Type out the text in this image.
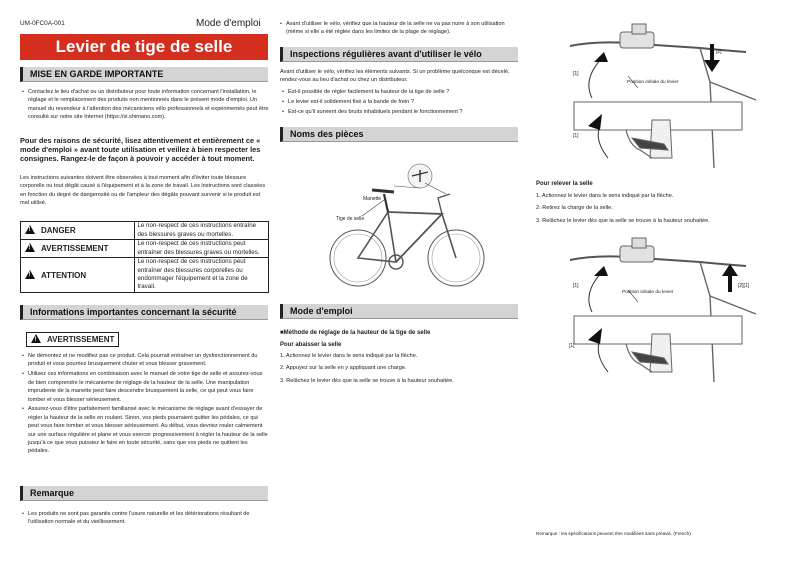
UM-0FC0A-001	Mode d'emploi
Levier de tige de selle
MISE EN GARDE IMPORTANTE
• Contactez le lieu d'achat ou un distributeur pour toute information concernant l'installation, le réglage et le remplacement des produits non mentionnés dans le présent mode d'emploi. Un manuel du revendeur à l'attention des mécaniciens vélo professionnels et expérimentés peut être consulté sur notre site Internet (https://si.shimano.com).
Pour des raisons de sécurité, lisez attentivement et entièrement ce « mode d'emploi » avant toute utilisation et veillez à bien respecter les consignes. Rangez-le de façon à pouvoir y accéder à tout moment.
Les instructions suivantes doivent être observées à tout moment afin d'éviter toute blessure corporelle ou tout dégât causé à l'équipement et à la zone de travail. Les instructions sont classées en fonction du degré de dangerosité ou de l'ampleur des dégâts pouvant survenir si le produit est mal utilisé.
!DANGER	Le non-respect de ces instructions entraîne des blessures graves ou mortelles.
!AVERTISSEMENT	Le non-respect de ces instructions peut entraîner des blessures graves ou mortelles.
!ATTENTION	Le non-respect de ces instructions peut entraîner des blessures corporelles ou endommager l'équipement et la zone de travail.
Informations importantes concernant la sécurité
!AVERTISSEMENT
• Ne démontez et ne modifiez pas ce produit. Cela pourrait entraîner un dysfonctionnement du produit et vous pourriez brusquement chuter et vous blesser gravement.
• Utilisez ces informations en combinaison avec le manuel de votre tige de selle et assurez-vous de bien comprendre le mécanisme de réglage de la hauteur de la selle. Une manipulation imprudente de la manette peut faire descendre brusquement la selle, ce qui peut vous faire tomber et vous blesser sérieusement.
• Assurez-vous d'être parfaitement familiarisé avec le mécanisme de réglage avant d'essayer de régler la hauteur de la selle en roulant. Sinon, vos pieds pourraient quitter les pédales, ce qui peut vous faire tomber et vous blesser sérieusement. Au début, vous devriez rouler calmement sur une surface régulière et plane et vous exercer progressivement à régler la hauteur de la selle jusqu'à ce que vous puissiez le faire en toute sécurité, sans que vos pieds ne quittent les pédales.
Remarque
• Les produits ne sont pas garantis contre l'usure naturelle et les détériorations résultant de l'utilisation normale et du vieillissement.
• Avant d'utiliser le vélo, vérifiez que la hauteur de la selle ne va pas nuire à son utilisation (même si elle a été réglée dans les limites de la plage de réglage).
Inspections régulières avant d'utiliser le vélo
Avant d'utiliser le vélo, vérifiez les éléments suivants. Si un problème quelconque est décelé, rendez-vous au lieu d'achat ou chez un distributeur.
• Est-il possible de régler facilement la hauteur de la tige de selle ?
• Le levier est-il solidement fixé à la bande de frein ?
• Est-ce qu'il survient des bruits inhabituels pendant le fonctionnement ?
Noms des pièces
Manette
Tige de selle
Mode d'emploi
■Méthode de réglage de la hauteur de la tige de selle
Pour abaisser la selle
1. Actionnez le levier dans le sens indiqué par la flèche.
2. Appuyez sur la selle en y appliquant une charge.
3. Relâchez le levier dès que la selle se trouve à la hauteur souhaitée.
[2]
[1]
Position initiale du levier
[1]
Pour relever la selle
1. Actionnez le levier dans le sens indiqué par la flèche.
2. Retirez la charge de la selle.
3. Relâchez le levier dès que la selle se trouve à la hauteur souhaitée.
[2][1]
[1]
Position initiale du levier
[1]
Remarque : les spécifications peuvent être modifiées sans préavis. (French)
